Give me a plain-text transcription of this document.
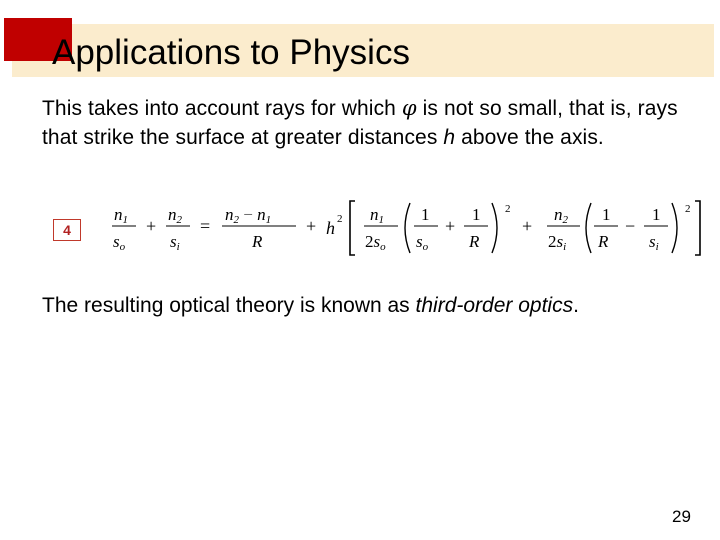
Applications to Physics

This takes into account rays for which φ is not so small, that is, rays that strike the surface at greater distances h above the axis.

4
n1
so
+
n2
si
=
n2 − n1
R
+ h 2 n1
2so
1
so
+
1
R
2
+
n2
2si
1
R
−
1
si
2

The resulting optical theory is known as third-order optics.

29
